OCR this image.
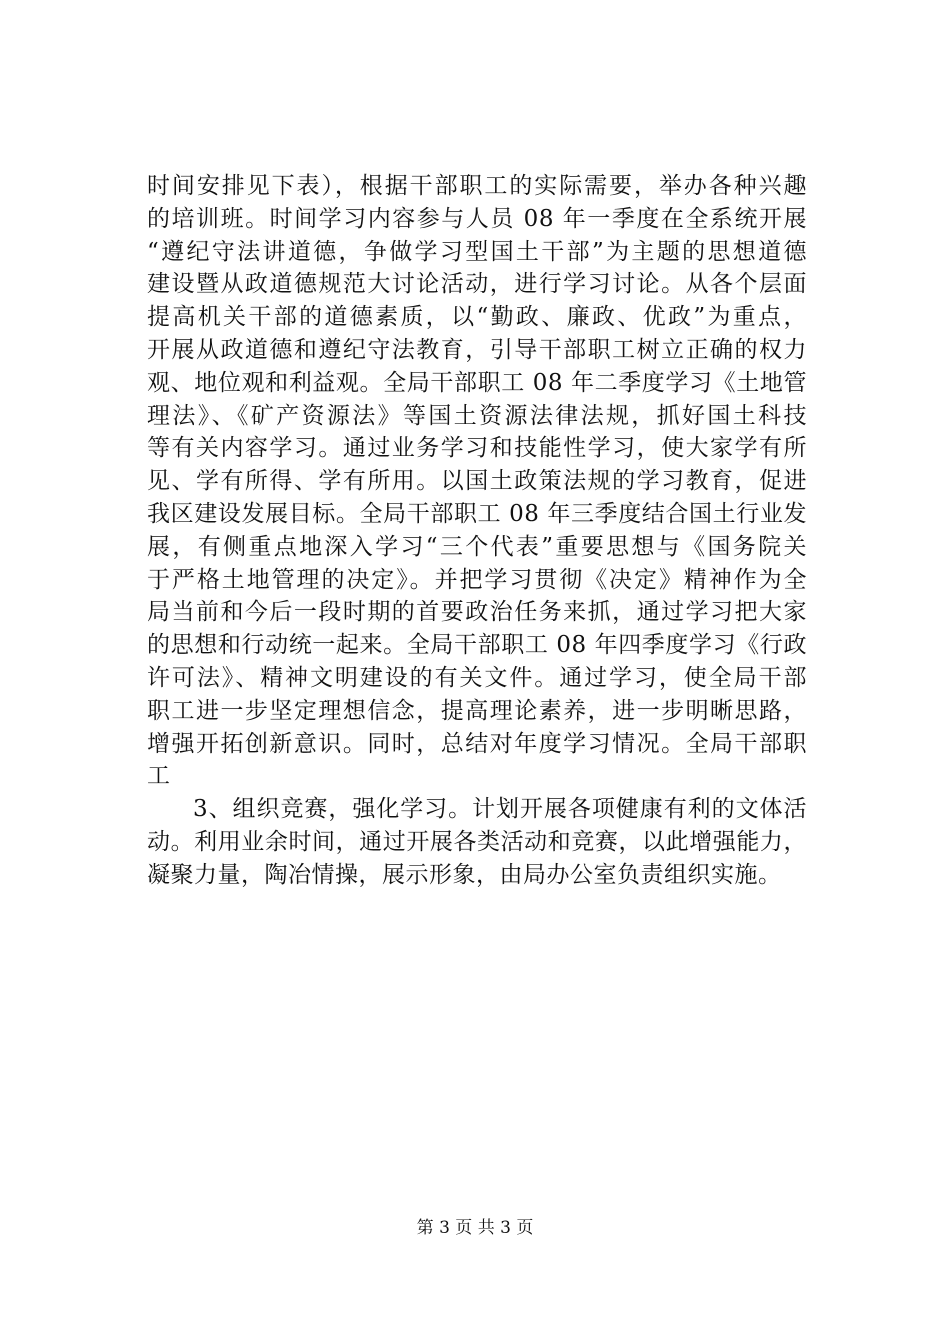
时间安排见下表），根据干部职工的实际需要，举办各种兴趣
的培训班。时间学习内容参与人员 08 年一季度在全系统开展
“遵纪守法讲道德，争做学习型国土干部”为主题的思想道德
建设暨从政道德规范大讨论活动，进行学习讨论。从各个层面
提高机关干部的道德素质，以“勤政、廉政、优政”为重点，
开展从政道德和遵纪守法教育，引导干部职工树立正确的权力
观、地位观和利益观。全局干部职工 08 年二季度学习《土地管
理法》、《矿产资源法》等国土资源法律法规，抓好国土科技
等有关内容学习。通过业务学习和技能性学习，使大家学有所
见、学有所得、学有所用。以国土政策法规的学习教育，促进
我区建设发展目标。全局干部职工 08 年三季度结合国土行业发
展，有侧重点地深入学习“三个代表”重要思想与《国务院关
于严格土地管理的决定》。并把学习贯彻《决定》精神作为全
局当前和今后一段时期的首要政治任务来抓，通过学习把大家
的思想和行动统一起来。全局干部职工 08 年四季度学习《行政
许可法》、精神文明建设的有关文件。通过学习，使全局干部
职工进一步坚定理想信念，提高理论素养，进一步明晰思路，
增强开拓创新意识。同时，总结对年度学习情况。全局干部职
工
3、组织竞赛，强化学习。计划开展各项健康有利的文体活
动。利用业余时间，通过开展各类活动和竞赛，以此增强能力，
凝聚力量，陶冶情操，展示形象，由局办公室负责组织实施。
第 3 页 共 3 页
